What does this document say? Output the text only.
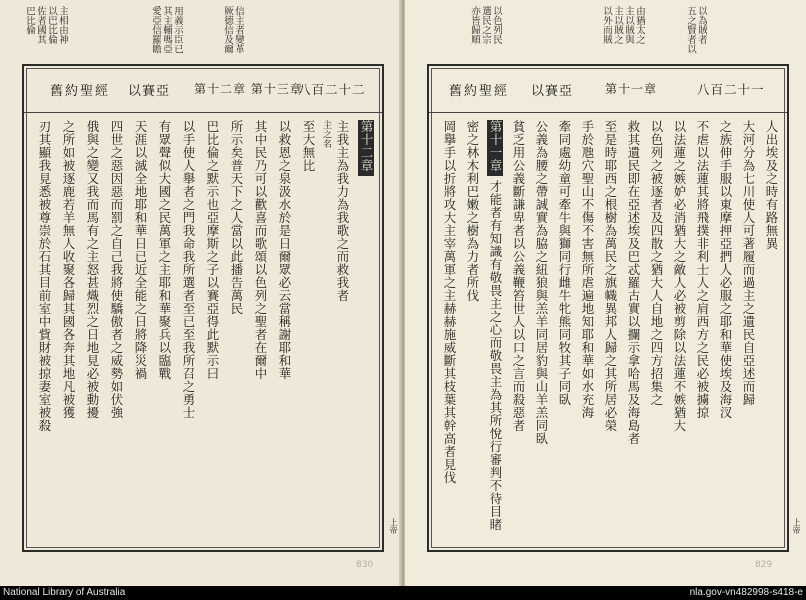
主相由神以巴比倫
佐者國其巴比倫	用義示臣已
其主輔嗎亞
愛亞信羅瞻	信主者變革
厥德信及爾
舊約聖經 以賽亞 第十二章 第十三章
八百二十二
刃其顯我見悉被尊崇於石其目前室中貲財被掠妻室被殺 之所如被逐鹿若羊無人收聚各歸其國各奔其地凡被獲 俄與之變又我而馬有之主怒甚熾烈之日地見必被動擾 四世之惡因惡而罰之自己我將使驕傲者之威勢如伏強 天涯以滅全地耶和華日已近全能之日將降災禍 有眾聲似大國之民萬軍之主耶和華聚兵以臨戰 以手使人舉者之門我命我所選者至已至我所召之勇士 巴比倫之默示也亞摩斯之子以賽亞得此默示曰 所示矣普天下之人當以此播告萬民 其中民乃可以歡喜而歌頌以色列之聖者在爾中 以救恩之泉汲水於是日爾眾必云當稱謝耶和華 至大無比 主之名 主我主為我力為我歌之而救我者 第十二章
830
以色列民
選民之宗
亦皆歸順	由猶太之
主以賊與
主以賊之
以外而賊	以為賊者
五之賢者以
舊約聖經 以賽亞	第十一章	八百二十一
岡擧手以折將攻大主宰萬軍之主赫赫施威斷其枝葉其幹高者見伐 密之林木利巴嫩之樹為力者所伐 第十一章
才能者有知識有敬畏主之心而敬畏主為其所悅行審判不待目睹 貧乏用公義斷謙卑者以公義鞭笞世人以口之言而殺惡者 公義為腰之帶誠實為脇之紐狼與羔羊同居豹與山羊羔同臥 牽同處幼童可牽牛與獅同行雌牛牝熊同牧其子同臥 手於虺穴聖山不傷不害無所虐遍地知耶和華如水充海 至是時耶西之根樹為萬民之旗幟異邦人歸之其所居必榮 救其遺民即在亞述埃及巴忒羅古實以攔示拿哈馬及海島者 以色列之被逐者及四散之猶大人自地之四方招集之 以法蓮之嫉妒必消猶大之敵人必被剪除以法蓮不嫉猶大 不虐以法蓮其將飛撲非利士人之肩西方之民必被擄掠 之族伸手服以東摩押亞捫人必服之耶和華使埃及海汊 大河分為七川使人可著履而過主之遺民自亞述而歸 人出埃及之時有路無異
829
上帝
上帝
National Library of Australia	nla.gov-vn482998-s418-e
